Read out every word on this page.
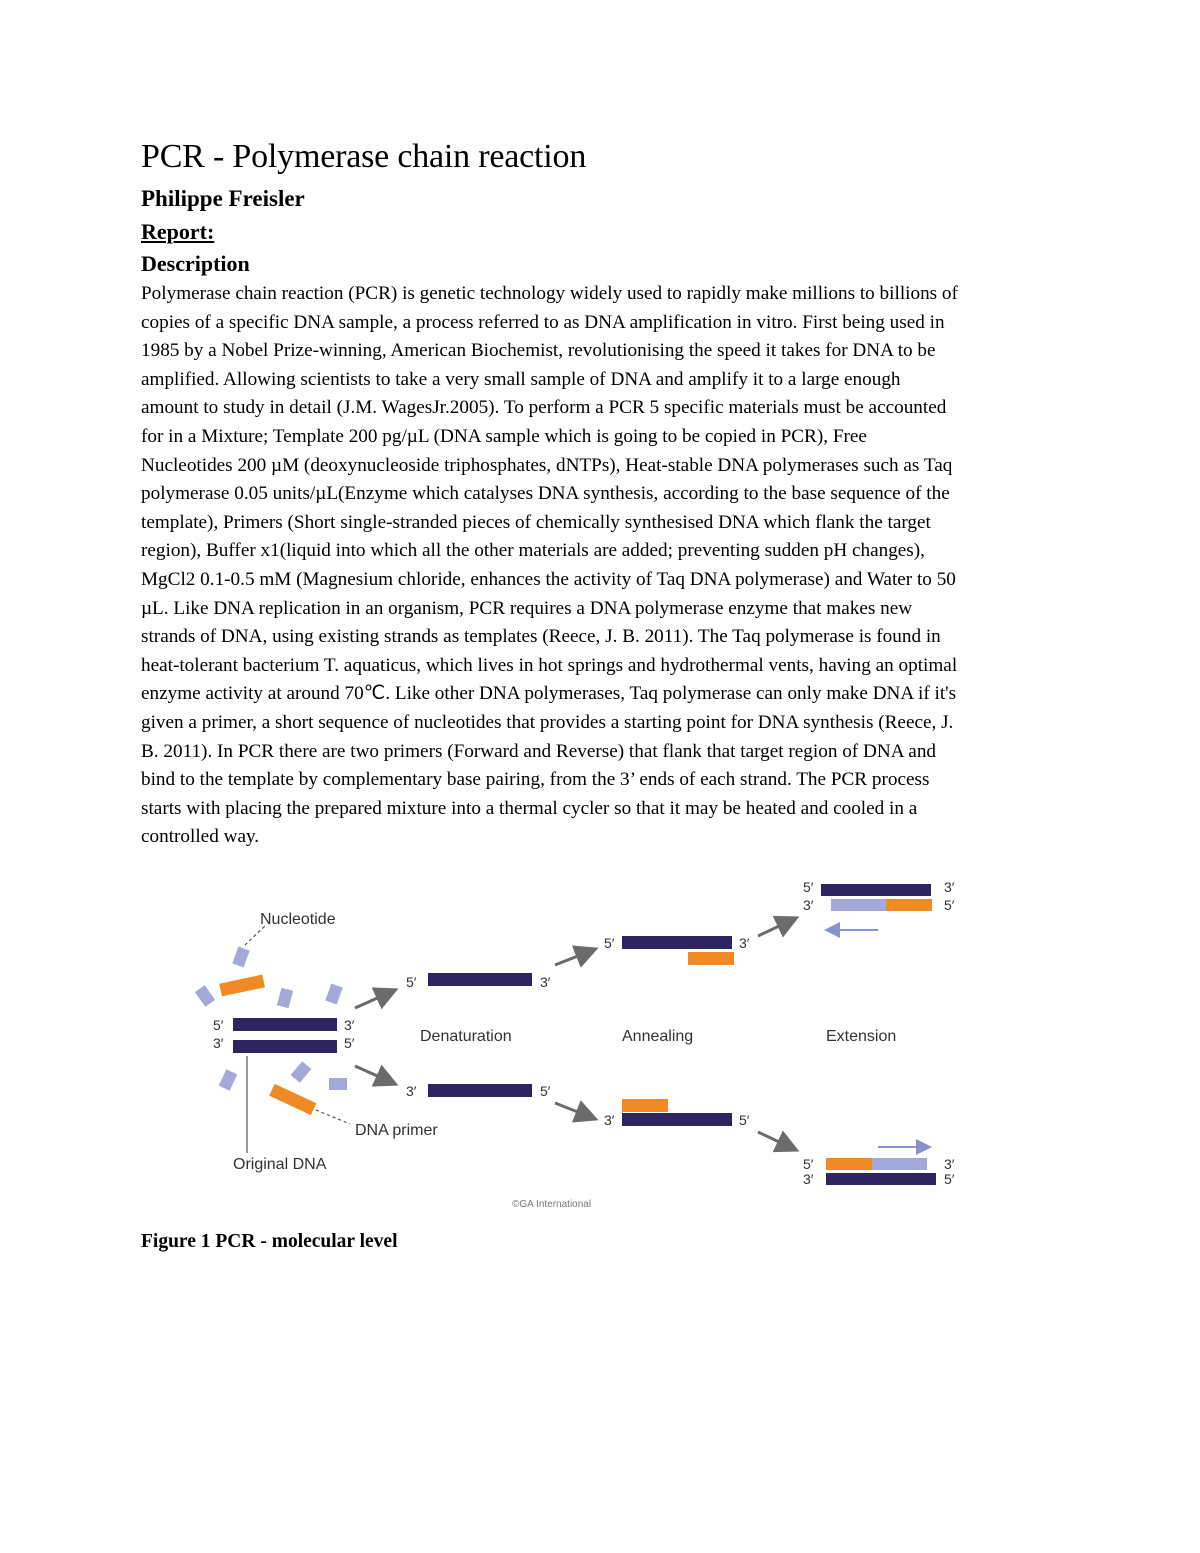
PCR - Polymerase chain reaction
Philippe Freisler
Report:
Description
Polymerase chain reaction (PCR) is genetic technology widely used to rapidly make millions to billions of
copies of a specific DNA sample, a process referred to as DNA amplification in vitro. First being used in
1985 by a Nobel Prize-winning, American Biochemist, revolutionising the speed it takes for DNA to be
amplified. Allowing scientists to take a very small sample of DNA and amplify it to a large enough
amount to study in detail (J.M. WagesJr.2005). To perform a PCR 5 specific materials must be accounted
for in a Mixture; Template 200 pg/µL (DNA sample which is going to be copied in PCR), Free
Nucleotides 200 µM (deoxynucleoside triphosphates, dNTPs), Heat-stable DNA polymerases such as Taq
polymerase 0.05 units/µL(Enzyme which catalyses DNA synthesis, according to the base sequence of the
template), Primers (Short single-stranded pieces of chemically synthesised DNA which flank the target
region), Buffer x1(liquid into which all the other materials are added; preventing sudden pH changes),
MgCl2 0.1-0.5 mM (Magnesium chloride, enhances the activity of Taq DNA polymerase) and Water to 50
µL. Like DNA replication in an organism, PCR requires a DNA polymerase enzyme that makes new
strands of DNA, using existing strands as templates (Reece, J. B. 2011). The Taq polymerase is found in
heat-tolerant bacterium T. aquaticus, which lives in hot springs and hydrothermal vents, having an optimal
enzyme activity at around 70℃. Like other DNA polymerases, Taq polymerase can only make DNA if it's
given a primer, a short sequence of nucleotides that provides a starting point for DNA synthesis (Reece, J.
B. 2011). In PCR there are two primers (Forward and Reverse) that flank that target region of DNA and
bind to the template by complementary base pairing, from the 3’ ends of each strand. The PCR process
starts with placing the prepared mixture into a thermal cycler so that it may be heated and cooled in a
controlled way.
Nucleotide
5′	3′
3′	5′
Original DNA
DNA primer
5′	3′
3′	5′
Denaturation
5′	3′
3′	5′
Annealing
5′	3′
3′	5′
Extension
5′	3′
3′	5′
©GA International

Figure 1 PCR - molecular level
